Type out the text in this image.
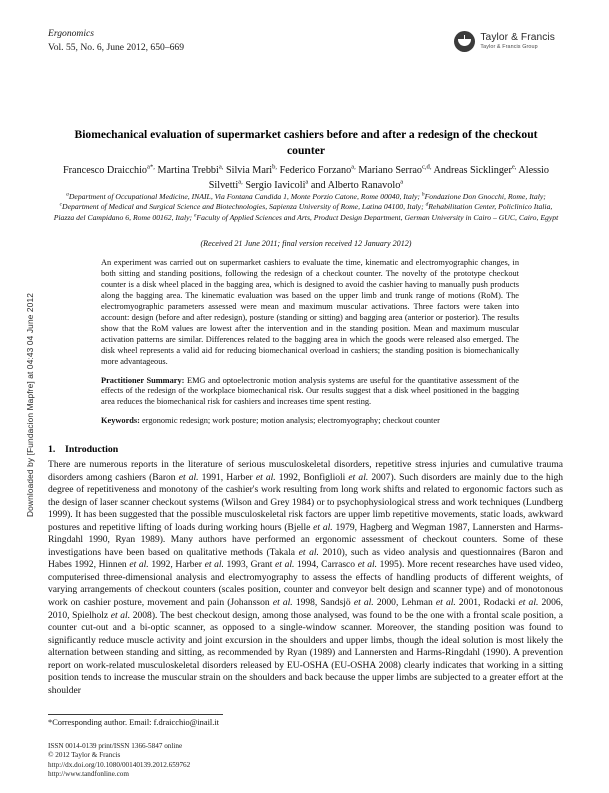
Downloaded by [Fundacion Mapfre] at 04:43 04 June 2012
Ergonomics
Vol. 55, No. 6, June 2012, 650–669
Taylor & Francis
Taylor & Francis Group
Biomechanical evaluation of supermarket cashiers before and after a redesign of the checkout counter
Francesco Draicchio$^{a*,}$ Martina Trebbi$^{a,}$ Silvia Mari$^{b,}$ Federico Forzano$^{a,}$ Mariano Serrao$^{c,d,}$ Andreas Sicklinger$^{e,}$ Alessio Silvetti$^{a,}$ Sergio Iavicoli$^a$ and Alberto Ranavolo$^a$
$^a$Department of Occupational Medicine, INAIL, Via Fontana Candida 1, Monte Porzio Catone, Rome 00040, Italy; $^b$Fondazione Don Gnocchi, Rome, Italy; $^c$Department of Medical and Surgical Science and Biotechnologies, Sapienza University of Rome, Latina 04100, Italy; $^d$Rehabilitation Center, Policlinico Italia, Piazza del Campidano 6, Rome 00162, Italy; $^e$Faculty of Applied Sciences and Arts, Product Design Department, German University in Cairo – GUC, Cairo, Egypt
(Received 21 June 2011; final version received 12 January 2012)
An experiment was carried out on supermarket cashiers to evaluate the time, kinematic and electromyographic changes, in both sitting and standing positions, following the redesign of a checkout counter. The novelty of the prototype checkout counter is a disk wheel placed in the bagging area, which is designed to avoid the cashier having to manually push products along the bagging area. The kinematic evaluation was based on the upper limb and trunk range of motions (RoM). The electromyographic parameters assessed were mean and maximum muscular activations. Three factors were taken into account: design (before and after redesign), posture (standing or sitting) and bagging area (anterior or posterior). The results show that the RoM values are lowest after the intervention and in the standing position. Mean and maximum muscular activation patterns are similar. Differences related to the bagging area in which the goods were released also emerged. The disk wheel represents a valid aid for reducing biomechanical overload in cashiers; the standing position is biomechanically more advantageous.
Practitioner Summary: EMG and optoelectronic motion analysis systems are useful for the quantitative assessment of the effects of the redesign of the workplace biomechanical risk. Our results suggest that a disk wheel positioned in the bagging area reduces the biomechanical risk for cashiers and increases time spent resting.
Keywords: ergonomic redesign; work posture; motion analysis; electromyography; checkout counter
1. Introduction
There are numerous reports in the literature of serious musculoskeletal disorders, repetitive stress injuries and cumulative trauma disorders among cashiers (Baron et al. 1991, Harber et al. 1992, Bonfiglioli et al. 2007). Such disorders are mainly due to the high degree of repetitiveness and monotony of the cashier's work resulting from long work shifts and related to ergonomic factors such as the design of laser scanner checkout systems (Wilson and Grey 1984) or to psychophysiological stress and work techniques (Lundberg 1999). It has been suggested that the possible musculoskeletal risk factors are upper limb repetitive movements, static loads, awkward postures and repetitive lifting of loads during working hours (Bjelle et al. 1979, Hagberg and Wegman 1987, Lannersten and Harms-Ringdahl 1990, Ryan 1989). Many authors have performed an ergonomic assessment of checkout counters. Some of these investigations have been based on qualitative methods (Takala et al. 2010), such as video analysis and questionnaires (Baron and Habes 1992, Hinnen et al. 1992, Harber et al. 1993, Grant et al. 1994, Carrasco et al. 1995). More recent researches have used video, computerised three-dimensional analysis and electromyography to assess the effects of handling products of different weights, of varying arrangements of checkout counters (scales position, counter and conveyor belt design and scanner type) and of monotonous work on cashier posture, movement and pain (Johansson et al. 1998, Sandsjö et al. 2000, Lehman et al. 2001, Rodacki et al. 2006, 2010, Spielholz et al. 2008). The best checkout design, among those analysed, was found to be the one with a frontal scale position, a counter cut-out and a bi-optic scanner, as opposed to a single-window scanner. Moreover, the standing position was found to significantly reduce muscle activity and joint excursion in the shoulders and upper limbs, though the ideal solution is most likely the alternation between standing and sitting, as recommended by Ryan (1989) and Lannersten and Harms-Ringdahl (1990). A prevention report on work-related musculoskeletal disorders released by EU-OSHA (EU-OSHA 2008) clearly indicates that working in a sitting position tends to increase the muscular strain on the shoulders and back because the upper limbs are subjected to a greater effort at the shoulder
*Corresponding author. Email: f.draicchio@inail.it
ISSN 0014-0139 print/ISSN 1366-5847 online
© 2012 Taylor & Francis
http://dx.doi.org/10.1080/00140139.2012.659762
http://www.tandfonline.com
